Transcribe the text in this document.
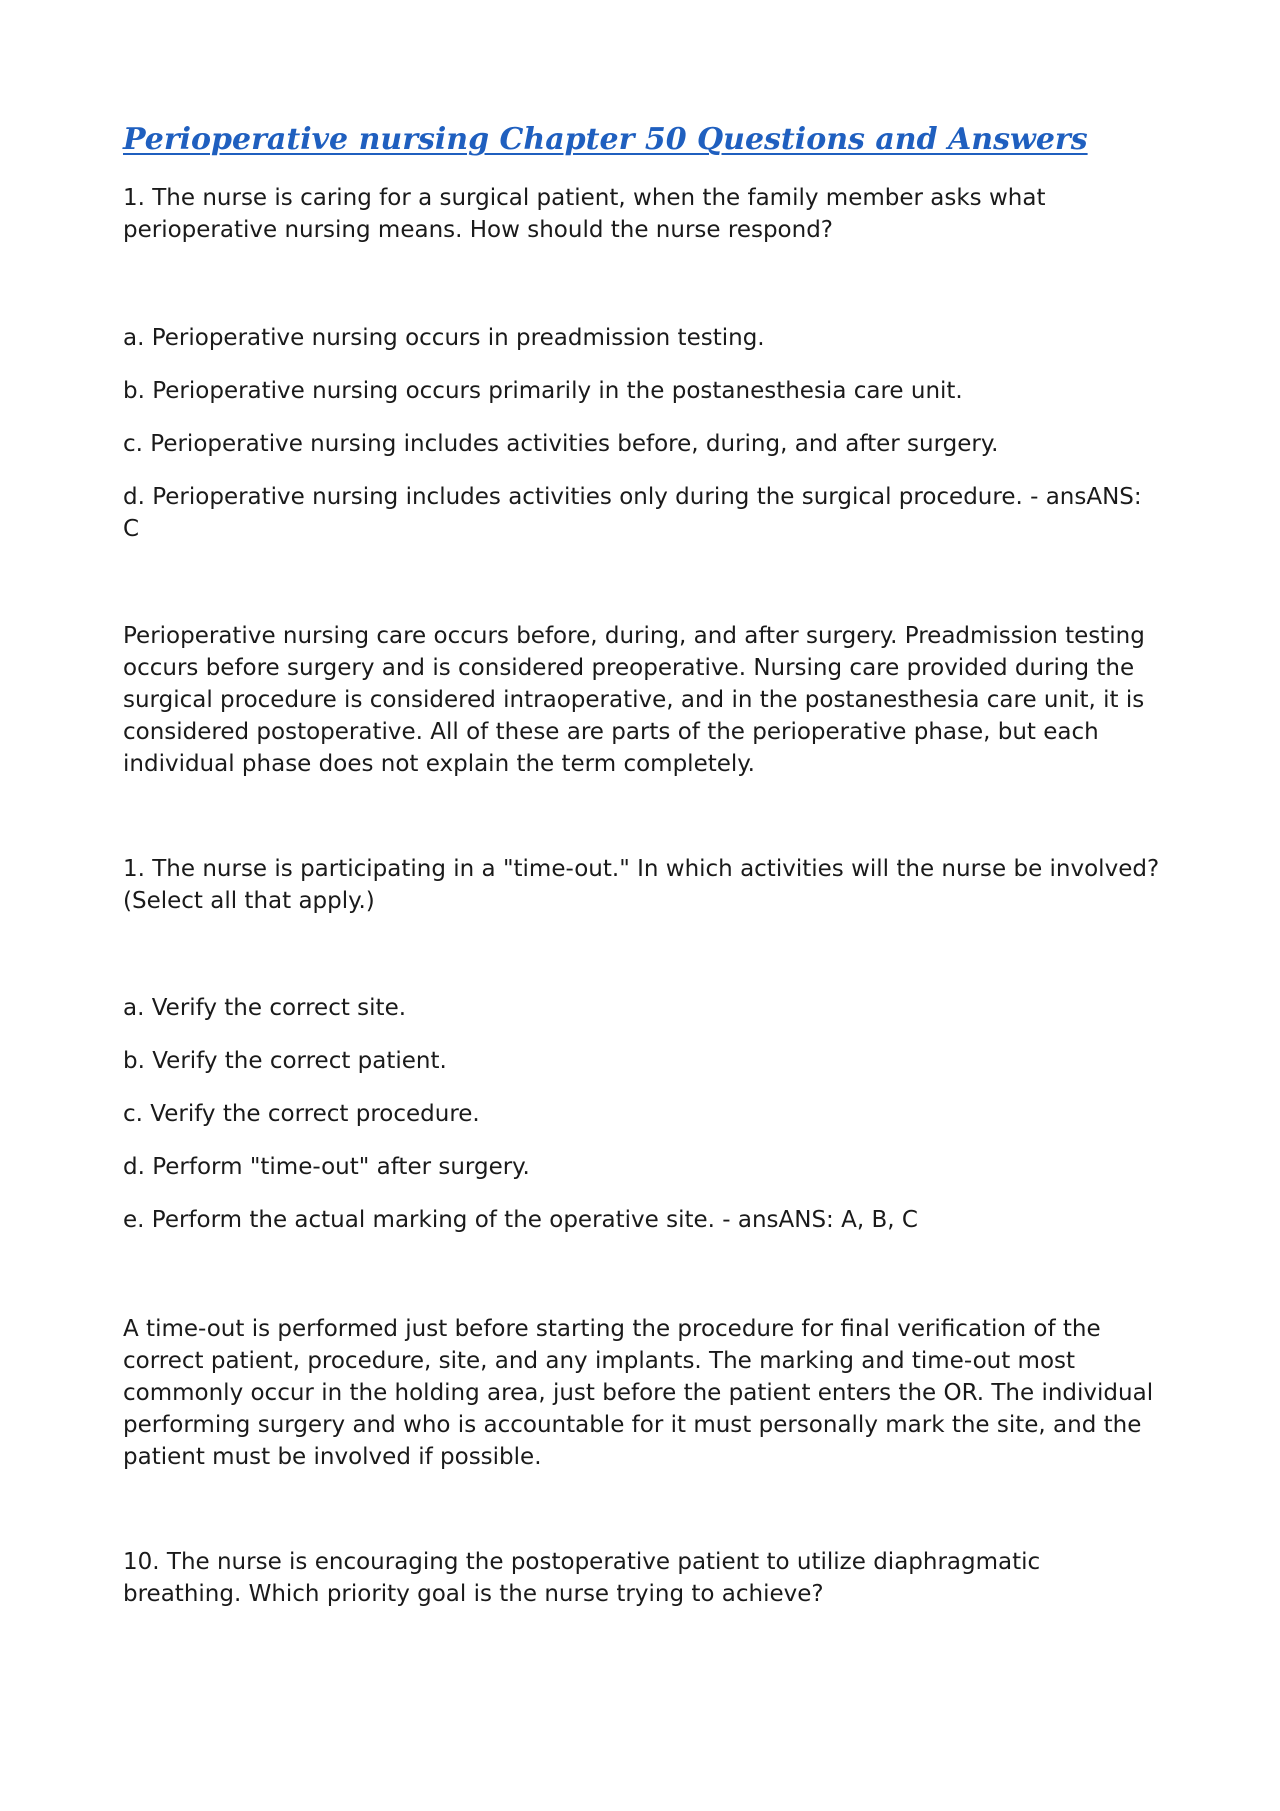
Perioperative nursing Chapter 50 Questions and Answers

1. The nurse is caring for a surgical patient, when the family member asks what perioperative nursing means. How should the nurse respond?

a. Perioperative nursing occurs in preadmission testing.

b. Perioperative nursing occurs primarily in the postanesthesia care unit.

c. Perioperative nursing includes activities before, during, and after surgery.

d. Perioperative nursing includes activities only during the surgical procedure. - ansANS: C

Perioperative nursing care occurs before, during, and after surgery. Preadmission testing occurs before surgery and is considered preoperative. Nursing care provided during the surgical procedure is considered intraoperative, and in the postanesthesia care unit, it is considered postoperative. All of these are parts of the perioperative phase, but each individual phase does not explain the term completely.

1. The nurse is participating in a "time-out." In which activities will the nurse be involved? (Select all that apply.)

a. Verify the correct site.

b. Verify the correct patient.

c. Verify the correct procedure.

d. Perform "time-out" after surgery.

e. Perform the actual marking of the operative site. - ansANS: A, B, C

A time-out is performed just before starting the procedure for final verification of the correct patient, procedure, site, and any implants. The marking and time-out most commonly occur in the holding area, just before the patient enters the OR. The individual performing surgery and who is accountable for it must personally mark the site, and the patient must be involved if possible.

10. The nurse is encouraging the postoperative patient to utilize diaphragmatic breathing. Which priority goal is the nurse trying to achieve?
